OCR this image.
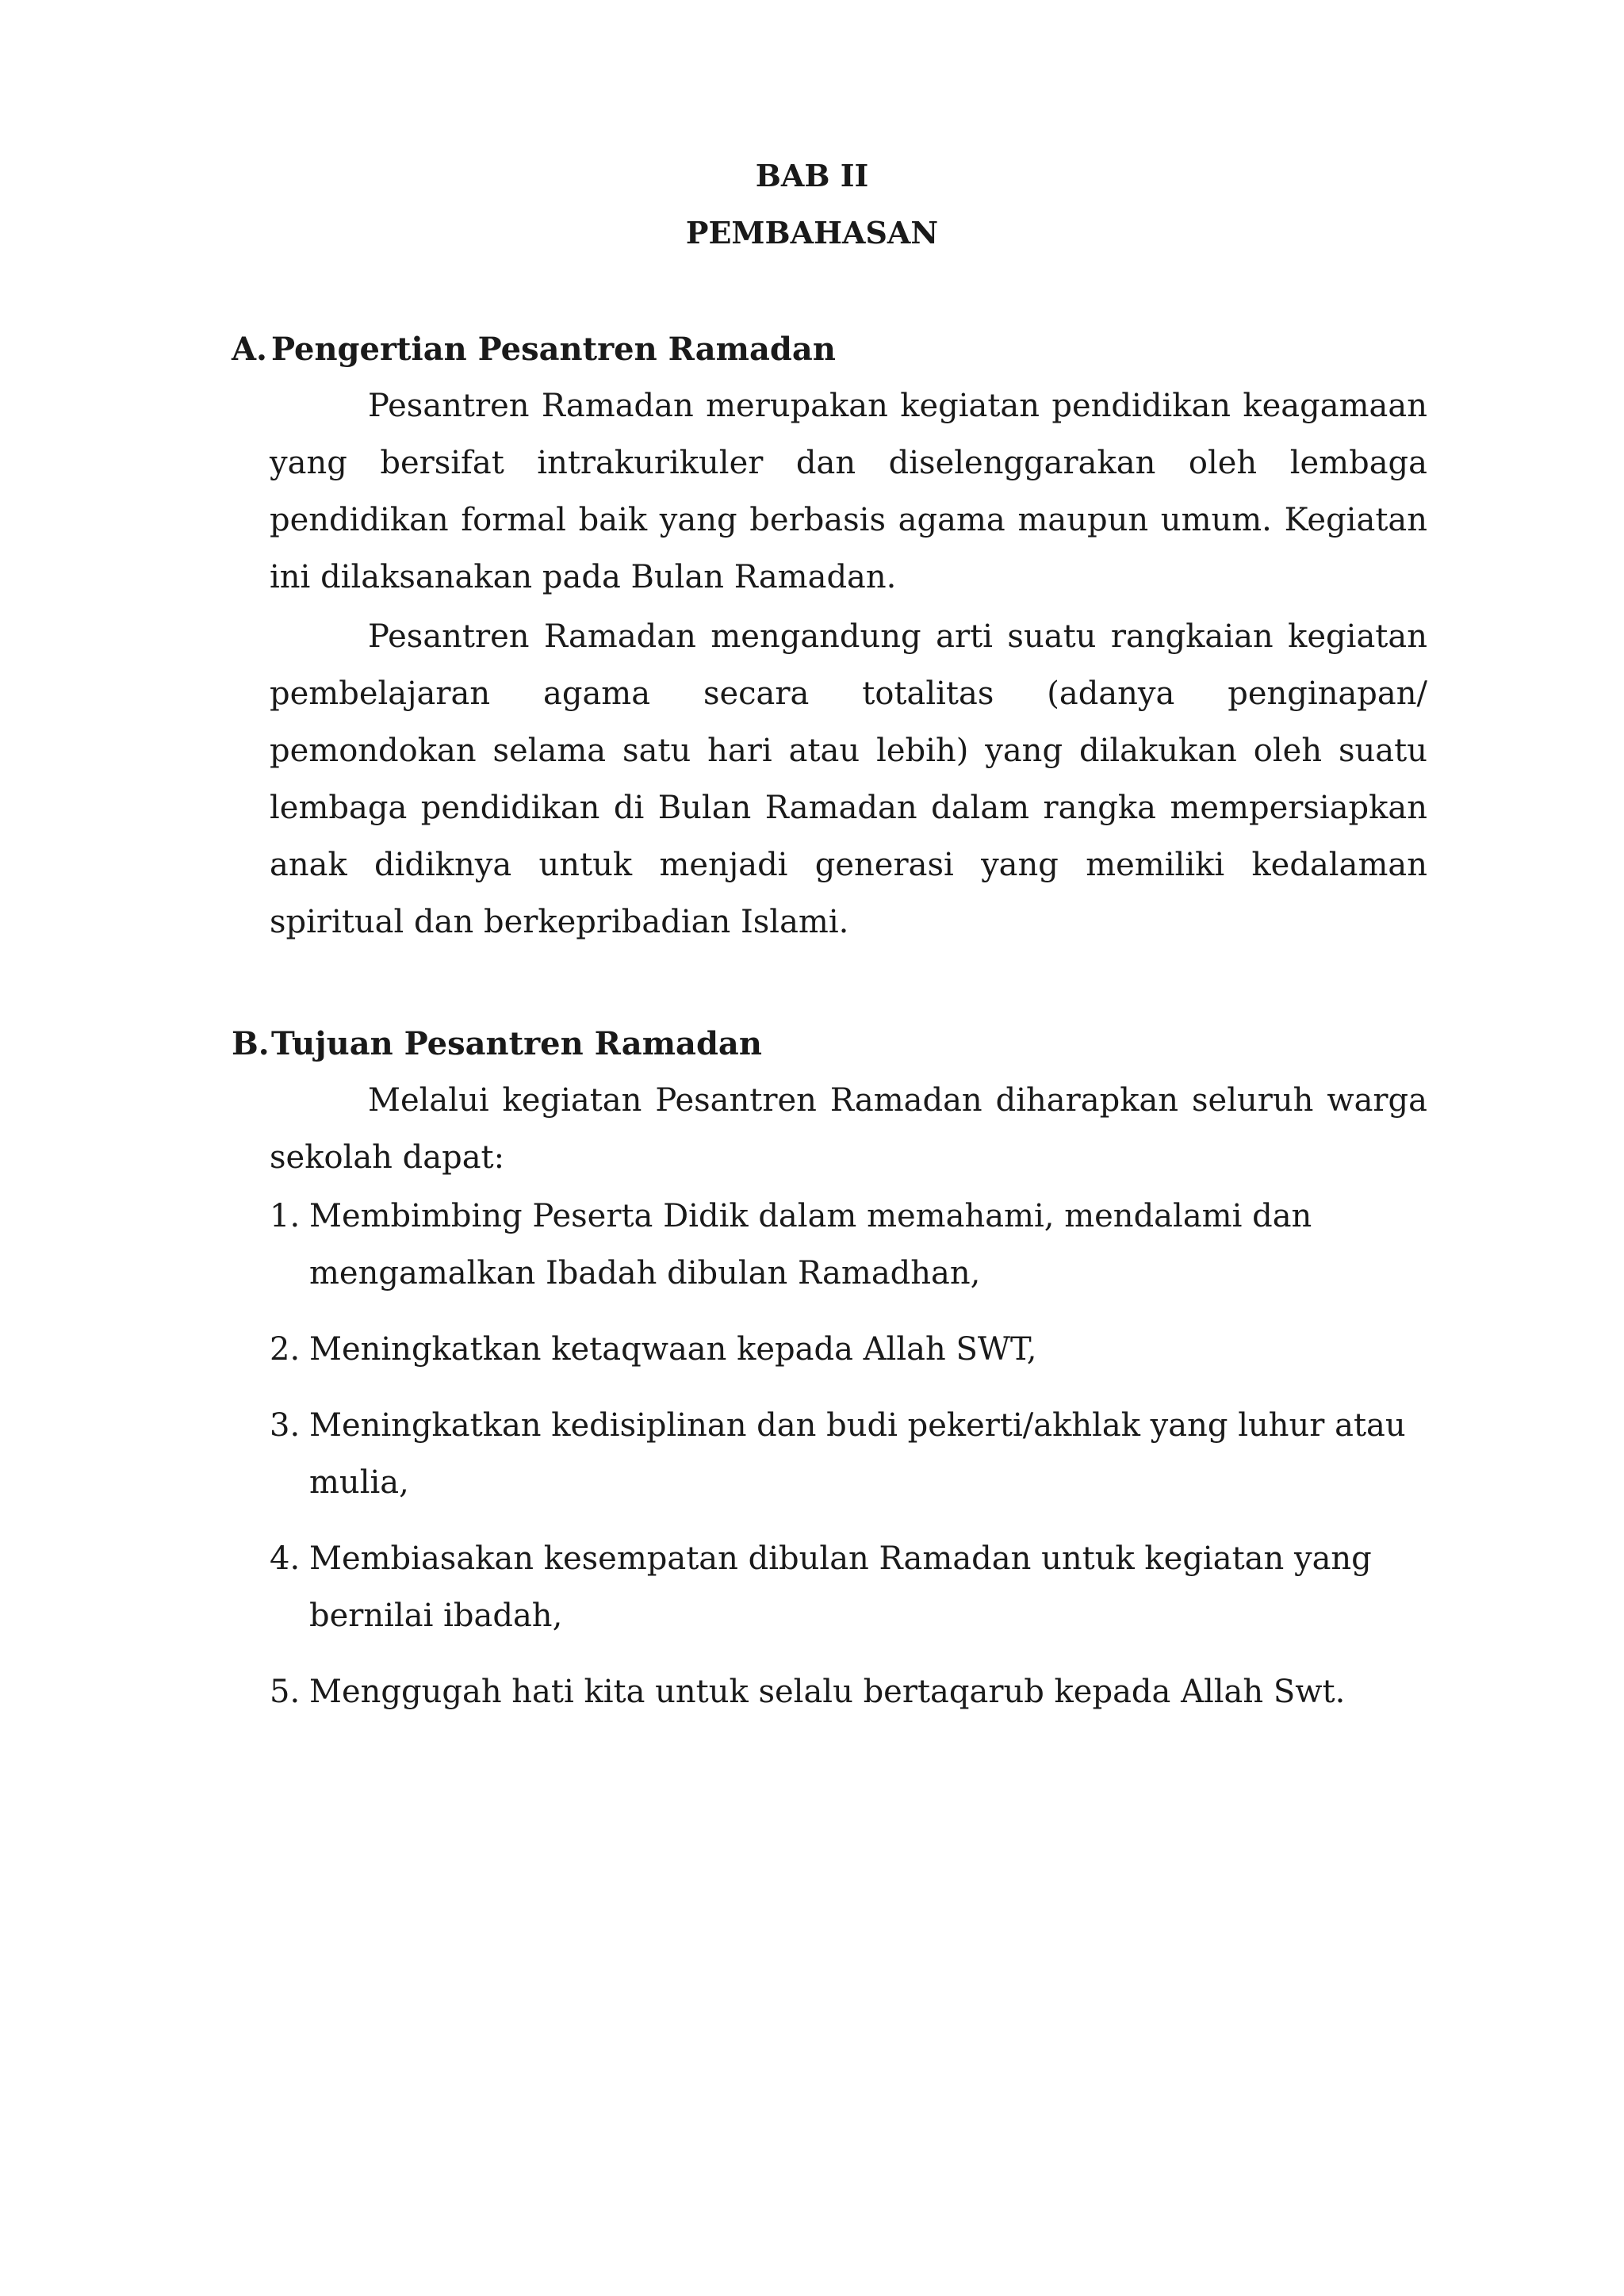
BAB II
PEMBAHASAN
A. Pengertian Pesantren Ramadan

Pesantren Ramadan merupakan kegiatan pendidikan keagamaan yang bersifat intrakurikuler dan diselenggarakan oleh lembaga pendidikan formal baik yang berbasis agama maupun umum. Kegiatan ini dilaksanakan pada Bulan Ramadan.

Pesantren Ramadan mengandung arti suatu rangkaian kegiatan pembelajaran agama secara totalitas (adanya penginapan/ pemondokan selama satu hari atau lebih) yang dilakukan oleh suatu lembaga pendidikan di Bulan Ramadan dalam rangka mempersiapkan anak didiknya untuk menjadi generasi yang memiliki kedalaman spiritual dan berkepribadian Islami.

B.Tujuan Pesantren Ramadan

Melalui kegiatan Pesantren Ramadan diharapkan seluruh warga sekolah dapat:

1. Membimbing Peserta Didik dalam memahami, mendalami dan mengamalkan Ibadah dibulan Ramadhan,
2. Meningkatkan ketaqwaan kepada Allah SWT,
3. Meningkatkan kedisiplinan dan budi pekerti/akhlak yang luhur atau mulia,
4. Membiasakan kesempatan dibulan Ramadan untuk kegiatan yang bernilai ibadah,
5. Menggugah hati kita untuk selalu bertaqarub kepada Allah Swt.
